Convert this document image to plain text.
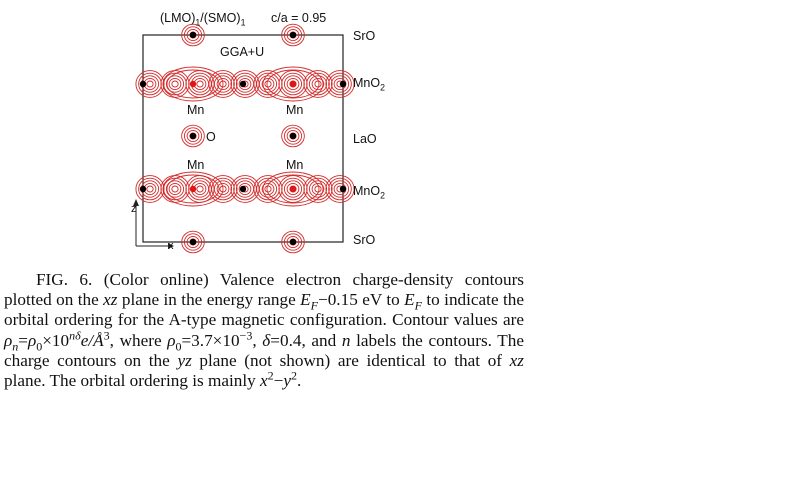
$(LMO)_1/(SMO)_1$ c/a = 0.95
GGA+U
SrO
MnO$_2$
LaO
MnO$_2$
SrO
Mn	Mn
O
Mn	Mn
z
x

FIG. 6. (Color online) Valence electron charge-density contours plotted on the xz plane in the energy range $E_F-0.15$ eV to $E_F$ to indicate the orbital ordering for the A-type magnetic configuration. Contour values are $\rho_n=\rho_0\times 10^{n\delta}e/Å^3$, where $\rho_0=3.7\times 10^{-3}$, δ=0.4, and n labels the contours. The charge contours on the yz plane (not shown) are identical to that of xz plane. The orbital ordering is mainly $x^2-y^2$.
